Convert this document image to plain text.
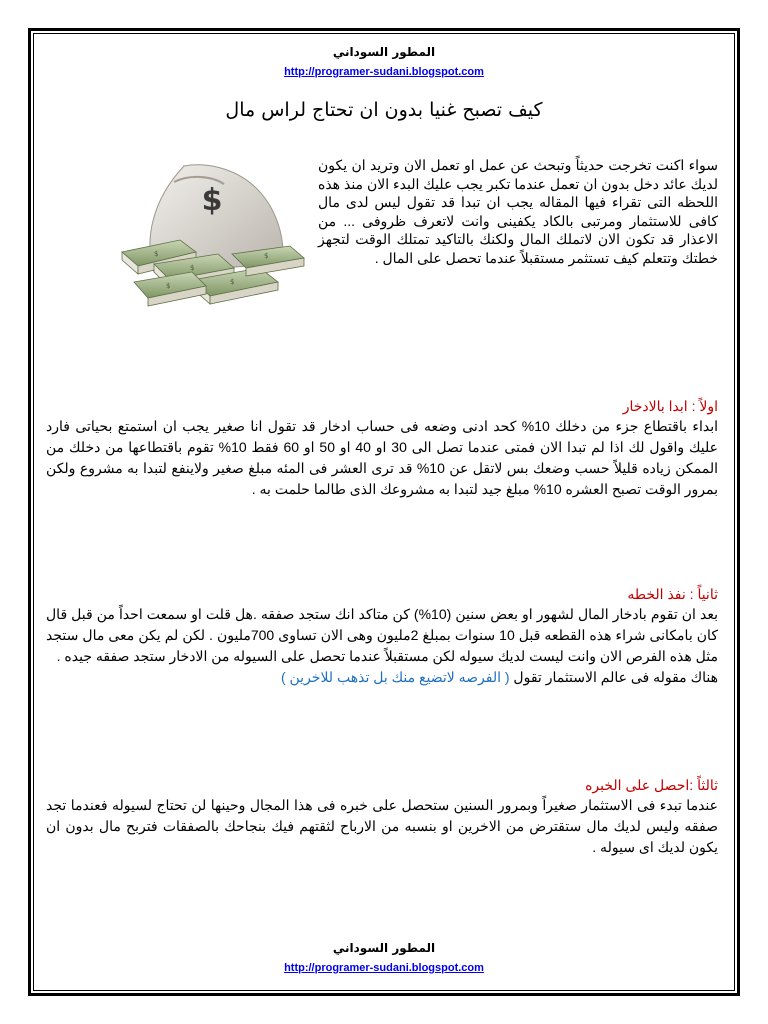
المطور السوداني
http://programer-sudani.blogspot.com
كيف تصبح غنيا بدون ان تحتاج لراس مال
سواء اكنت تخرجت حديثاً وتبحث عن عمل او تعمل الان وتريد ان يكون لديك عائد دخل بدون ان تعمل عندما تكبر يجب عليك البدء الان منذ هذه اللحظه التى تقراء فيها المقاله يجب ان تبدا قد تقول ليس لدى مال كافى للاستثمار ومرتبى بالكاد يكفينى وانت لاتعرف ظروفى ... من الاعذار قد تكون الان لاتملك المال ولكنك بالتاكيد تمتلك الوقت لتجهز خطتك وتتعلم كيف تستثمر مستقبلاً عندما تحصل على المال .
$
$
$
$
$
$
اولاً : ابدا بالادخار
ابداء باقتطاع جزء من دخلك 10% كحد ادنى وضعه فى حساب ادخار قد تقول انا صغير يجب ان استمتع بحياتى فارد عليك واقول لك اذا لم تبدا الان فمتى عندما تصل الى 30 او 40 او 50 او 60 فقط 10% تقوم باقتطاعها من دخلك من الممكن زياده قليلاً حسب وضعك بس لاتقل عن 10% قد ترى العشر فى المئه مبلغ صغير ولاينفع لتبدا به مشروع ولكن بمرور الوقت تصبح العشره 10% مبلغ جيد لتبدا به مشروعك الذى طالما حلمت به .
ثانياً : نفذ الخطه
بعد ان تقوم بادخار المال لشهور او بعض سنين (10%) كن متاكد انك ستجد صفقه .هل قلت او سمعت احداً من قبل قال كان بامكانى شراء هذه القطعه قبل 10 سنوات بمبلغ 2مليون وهى الان تساوى 700مليون . لكن لم يكن معى مال ستجد مثل هذه الفرص الان وانت ليست لديك سيوله لكن مستقبلاً عندما تحصل على السيوله من الادخار ستجد صفقه جيده .
هناك مقوله فى عالم الاستثمار تقول ( الفرصه لاتضيع منك بل تذهب للاخرين )
ثالثاً :احصل على الخبره
عندما تبدء فى الاستثمار صغيراً وبمرور السنين ستحصل على خبره فى هذا المجال وحينها لن تحتاج لسيوله فعندما تجد صفقه وليس لديك مال ستقترض من الاخرين او بنسبه من الارباح لثقتهم فيك بنجاحك بالصفقات فتربح مال بدون ان يكون لديك اى سيوله .
المطور السوداني
http://programer-sudani.blogspot.com
